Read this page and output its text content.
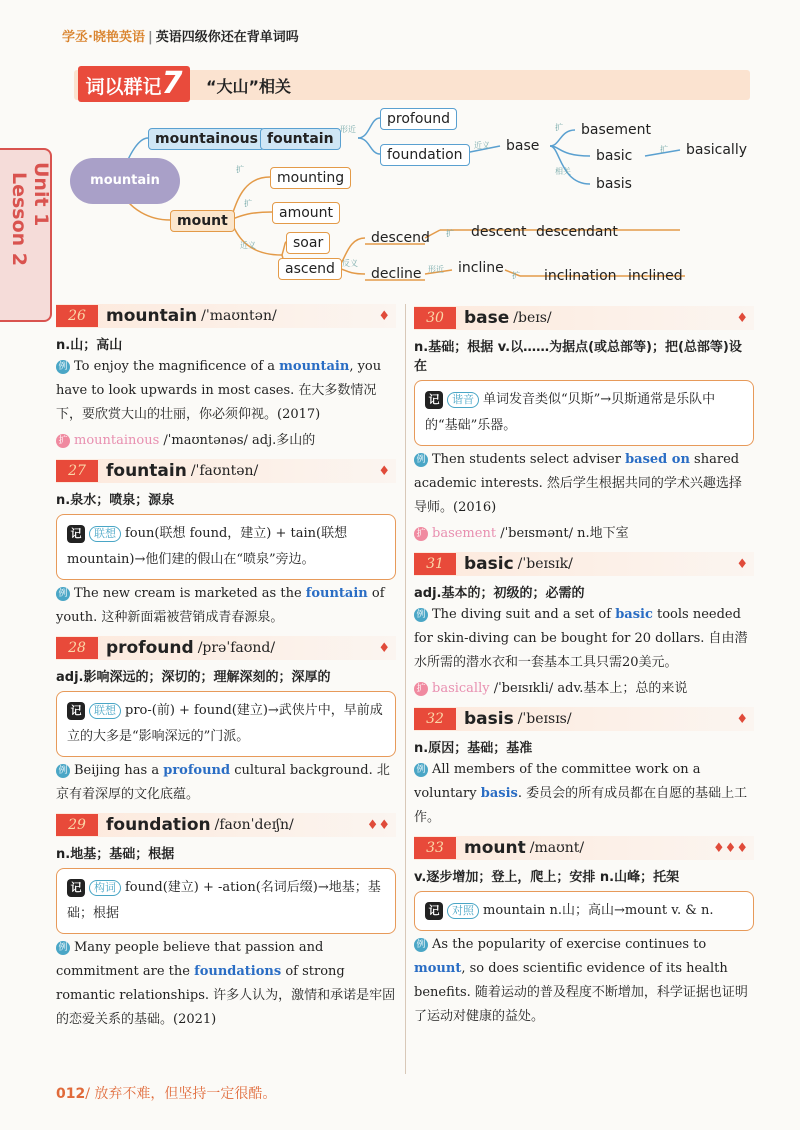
学丞·晓艳英语 | 英语四级你还在背单词吗
Unit 1
Lesson 2
词以群记7	“大山”相关
mountain
mountainous fountain
形近
profound
foundation
近义	base
扩
相关
basement
basic	扩	basically
basis
mount
扩
mounting
扩
amount
近义	soar
ascend 反义
descend	扩	descent descendant
decline 形近	incline	扩	inclination inclined
26	mountain /ˈmaʊntən/	♦
n.山；高山
例 To enjoy the magnificence of a mountain, you have to look upwards in most cases. 在大多数情况下，要欣赏大山的壮丽，你必须仰视。(2017)
扩 mountainous /ˈmaʊntənəs/ adj.多山的
27	fountain /ˈfaʊntən/	♦
n.泉水；喷泉；源泉
记 联想 foun(联想 found，建立) + tain(联想 mountain)→他们建的假山在“喷泉”旁边。
例 The new cream is marketed as the fountain of youth. 这种新面霜被营销成青春源泉。
28	profound /prəˈfaʊnd/	♦
adj.影响深远的；深切的；理解深刻的；深厚的
记 联想 pro-(前) + found(建立)→武侠片中，早前成立的大多是“影响深远的”门派。
例 Beijing has a profound cultural background. 北京有着深厚的文化底蕴。
29	foundation /faʊnˈdeɪʃn/	♦♦
n.地基；基础；根据
记 构词 found(建立) + -ation(名词后缀)→地基；基础；根据
例 Many people believe that passion and commitment are the foundations of strong romantic relationships. 许多人认为，激情和承诺是牢固的恋爱关系的基础。(2021)
30	base /beɪs/	♦
n.基础；根据 v.以……为据点(或总部等)；把(总部等)设在
记 谐音 单词发音类似“贝斯”→贝斯通常是乐队中的“基础”乐器。
例 Then students select adviser based on shared academic interests. 然后学生根据共同的学术兴趣选择导师。(2016)
扩 basement /ˈbeɪsmənt/ n.地下室
31	basic /ˈbeɪsɪk/	♦
adj.基本的；初级的；必需的
例 The diving suit and a set of basic tools needed for skin-diving can be bought for 20 dollars. 自由潜水所需的潜水衣和一套基本工具只需20美元。
扩 basically /ˈbeɪsɪkli/ adv.基本上；总的来说
32	basis /ˈbeɪsɪs/	♦
n.原因；基础；基准
例 All members of the committee work on a voluntary basis. 委员会的所有成员都在自愿的基础上工作。
33	mount /maʊnt/	♦♦♦
v.逐步增加；登上，爬上；安排 n.山峰；托架
记 对照 mountain n.山；高山→mount v. & n.
例 As the popularity of exercise continues to mount, so does scientific evidence of its health benefits. 随着运动的普及程度不断增加，科学证据也证明了运动对健康的益处。
012/ 放弃不难，但坚持一定很酷。
